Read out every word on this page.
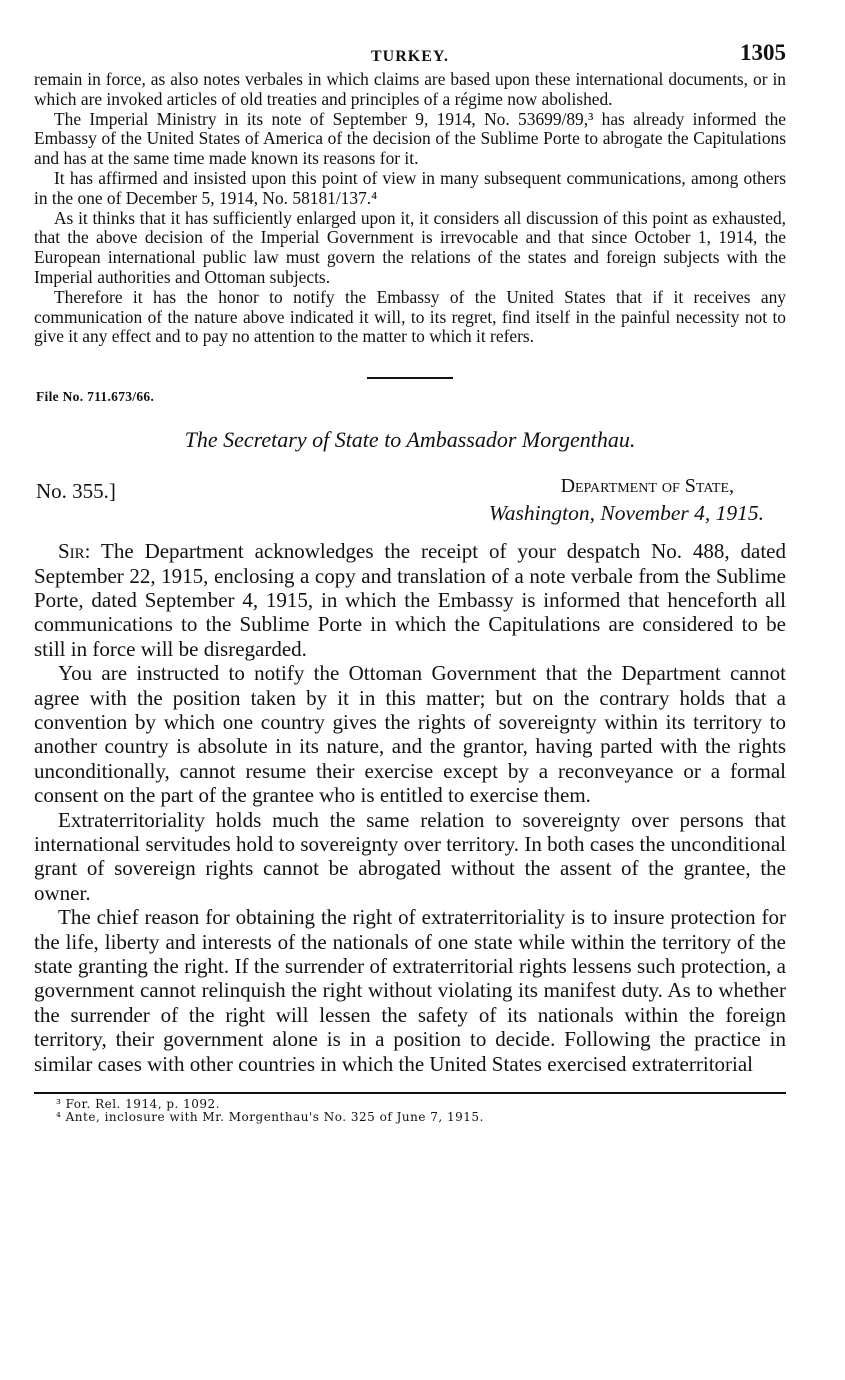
TURKEY.	1305

remain in force, as also notes verbales in which claims are based upon these international documents, or in which are invoked articles of old treaties and principles of a régime now abolished.

The Imperial Ministry in its note of September 9, 1914, No. 53699/89,³ has already informed the Embassy of the United States of America of the decision of the Sublime Porte to abrogate the Capitulations and has at the same time made known its reasons for it.

It has affirmed and insisted upon this point of view in many subsequent communications, among others in the one of December 5, 1914, No. 58181/137.⁴

As it thinks that it has sufficiently enlarged upon it, it considers all discussion of this point as exhausted, that the above decision of the Imperial Government is irrevocable and that since October 1, 1914, the European international public law must govern the relations of the states and foreign subjects with the Imperial authorities and Ottoman subjects.

Therefore it has the honor to notify the Embassy of the United States that if it receives any communication of the nature above indicated it will, to its regret, find itself in the painful necessity not to give it any effect and to pay no attention to the matter to which it refers.

File No. 711.673/66.
The Secretary of State to Ambassador Morgenthau.
No. 355.]	Department of State,
Washington, November 4, 1915.

Sir: The Department acknowledges the receipt of your despatch No. 488, dated September 22, 1915, enclosing a copy and translation of a note verbale from the Sublime Porte, dated September 4, 1915, in which the Embassy is informed that henceforth all communications to the Sublime Porte in which the Capitulations are considered to be still in force will be disregarded.

You are instructed to notify the Ottoman Government that the Department cannot agree with the position taken by it in this matter; but on the contrary holds that a convention by which one country gives the rights of sovereignty within its territory to another country is absolute in its nature, and the grantor, having parted with the rights unconditionally, cannot resume their exercise except by a reconveyance or a formal consent on the part of the grantee who is entitled to exercise them.

Extraterritoriality holds much the same relation to sovereignty over persons that international servitudes hold to sovereignty over territory. In both cases the unconditional grant of sovereign rights cannot be abrogated without the assent of the grantee, the owner.

The chief reason for obtaining the right of extraterritoriality is to insure protection for the life, liberty and interests of the nationals of one state while within the territory of the state granting the right. If the surrender of extraterritorial rights lessens such protection, a government cannot relinquish the right without violating its manifest duty. As to whether the surrender of the right will lessen the safety of its nationals within the foreign territory, their government alone is in a position to decide. Following the practice in similar cases with other countries in which the United States exercised extraterritorial

³ For. Rel. 1914, p. 1092.
⁴ Ante, inclosure with Mr. Morgenthau's No. 325 of June 7, 1915.
